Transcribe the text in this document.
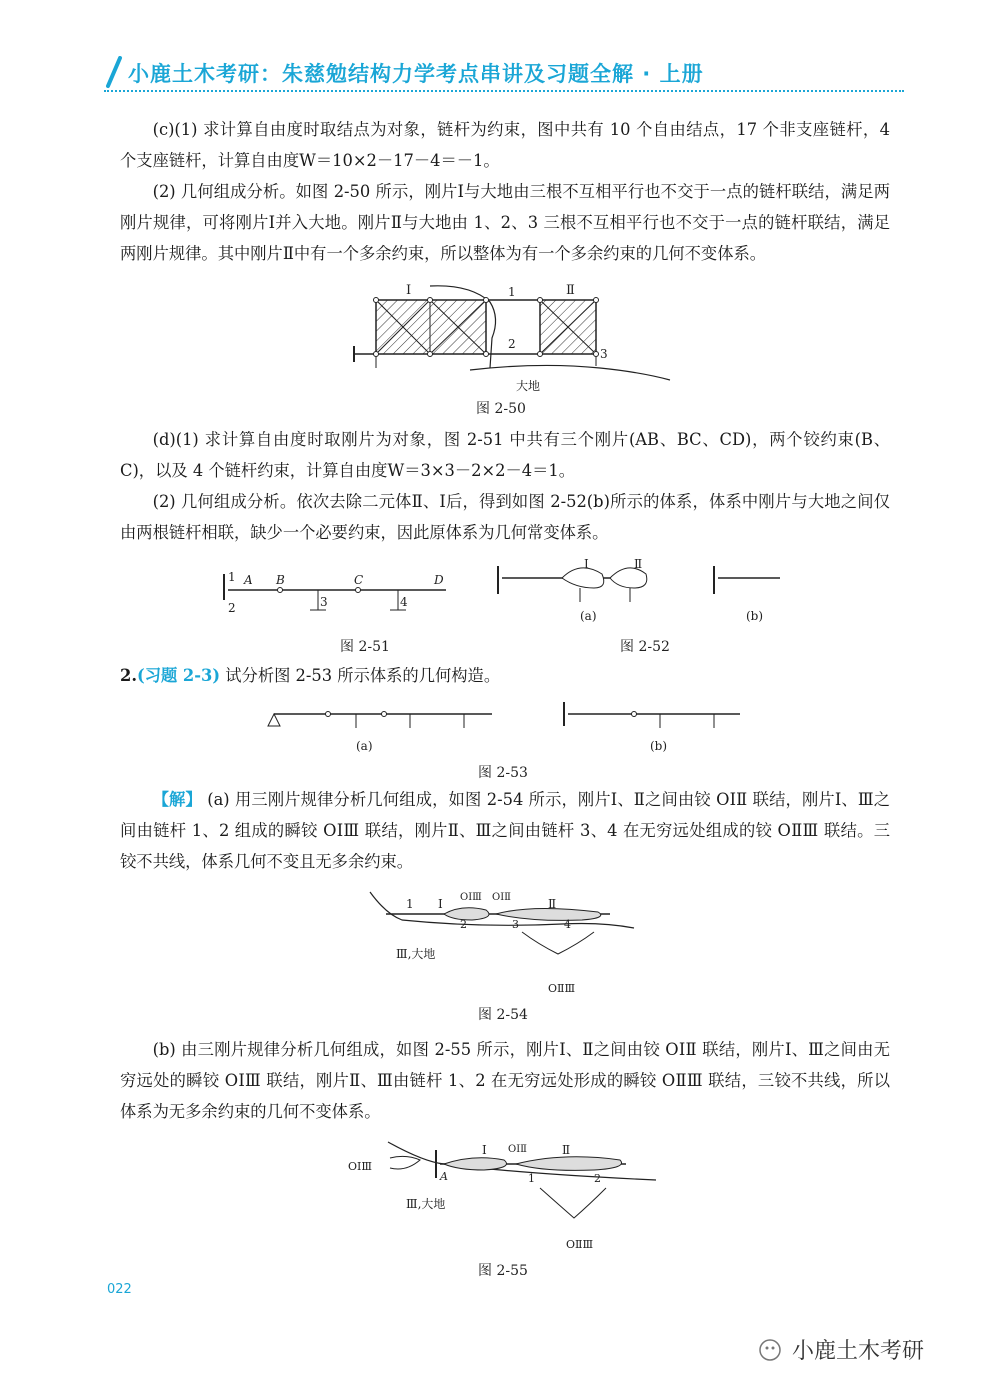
小鹿土木考研：朱慈勉结构力学考点串讲及习题全解 · 上册

(c)(1) 求计算自由度时取结点为对象，链杆为约束，图中共有 10 个自由结点，17 个非支座链杆，4 个支座链杆，计算自由度W＝10×2－17－4＝－1。

(2) 几何组成分析。如图 2-50 所示，刚片Ⅰ与大地由三根不互相平行也不交于一点的链杆联结，满足两刚片规律，可将刚片Ⅰ并入大地。刚片Ⅱ与大地由 1、2、3 三根不互相平行也不交于一点的链杆联结，满足两刚片规律。其中刚片Ⅱ中有一个多余约束，所以整体为有一个多余约束的几何不变体系。

Ⅰ	Ⅱ
1
2
3
大地
图 2-50

(d)(1) 求计算自由度时取刚片为对象，图 2-51 中共有三个刚片(AB、BC、CD)，两个铰约束(B、C)，以及 4 个链杆约束，计算自由度W＝3×3－2×2－4＝1。

(2) 几何组成分析。依次去除二元体Ⅱ、Ⅰ后，得到如图 2-52(b)所示的体系，体系中刚片与大地之间仅由两根链杆相联，缺少一个必要约束，因此原体系为几何常变体系。

1
2
A B	C	D
3	4
图 2-51
Ⅰ	Ⅱ
(a)	(b)
图 2-52

2.(习题 2-3) 试分析图 2-53 所示体系的几何构造。

(a)	(b)
图 2-53

【解】 (a) 用三刚片规律分析几何组成，如图 2-54 所示，刚片Ⅰ、Ⅱ之间由铰 OⅠⅡ 联结，刚片Ⅰ、Ⅲ之间由链杆 1、2 组成的瞬铰 OⅠⅢ 联结，刚片Ⅱ、Ⅲ之间由链杆 3、4 在无穷远处组成的铰 OⅡⅢ 联结。三铰不共线，体系几何不变且无多余约束。

1 Ⅰ OⅠⅢ OⅠⅡ	Ⅱ
2	3	4
Ⅲ,大地
OⅡⅢ
图 2-54

(b) 由三刚片规律分析几何组成，如图 2-55 所示，刚片Ⅰ、Ⅱ之间由铰 OⅠⅡ 联结，刚片Ⅰ、Ⅲ之间由无穷远处的瞬铰 OⅠⅢ 联结，刚片Ⅱ、Ⅲ由链杆 1、2 在无穷远处形成的瞬铰 OⅡⅢ 联结，三铰不共线，所以体系为无多余约束的几何不变体系。

OⅠⅢ
Ⅰ OⅠⅡ	Ⅱ
A	1	2
Ⅲ,大地
OⅡⅢ
图 2-55
022
小鹿土木考研
